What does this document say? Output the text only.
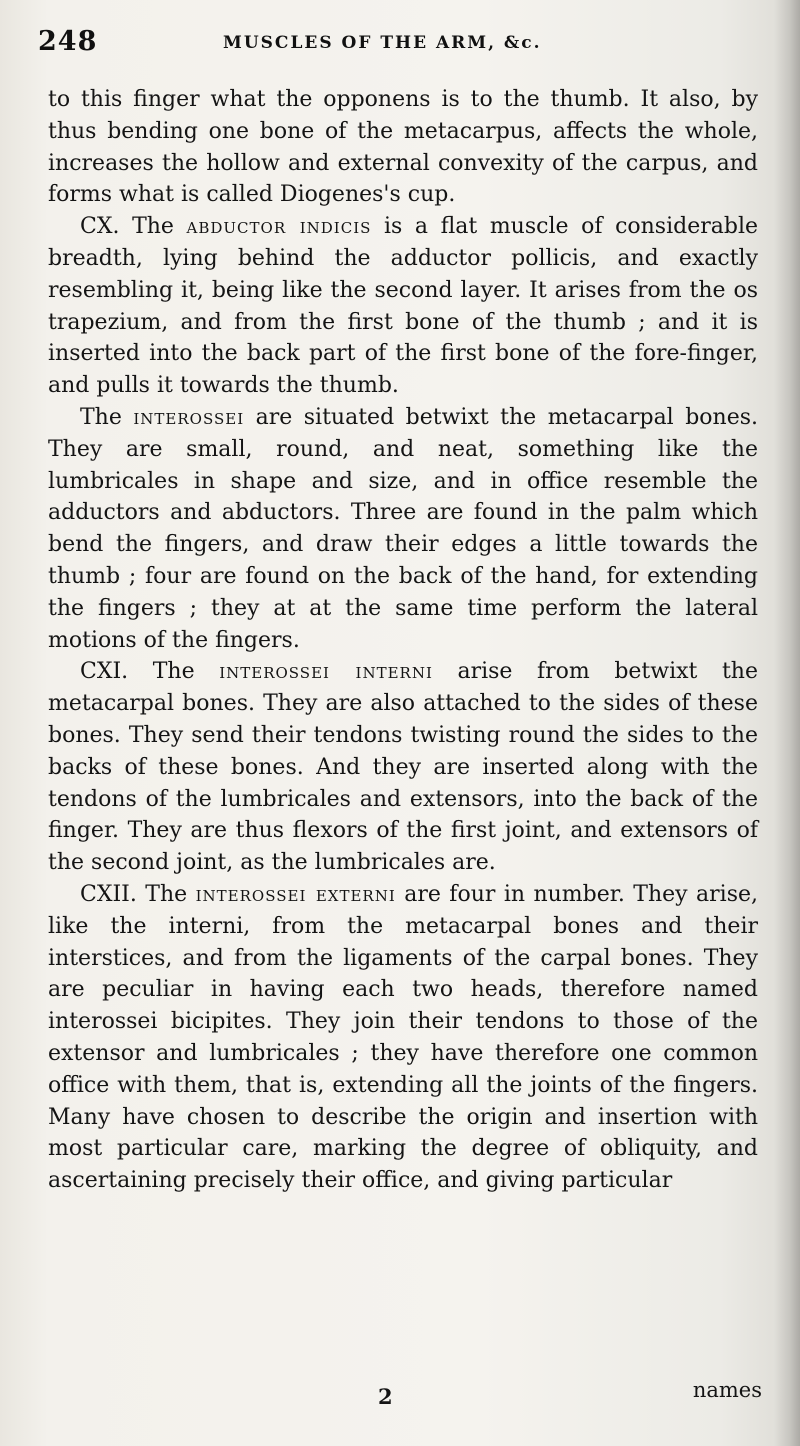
248	MUSCLES OF THE ARM, &c.

to this finger what the opponens is to the thumb. It also, by thus bending one bone of the metacarpus, affects the whole, increases the hollow and external convexity of the carpus, and forms what is called Diogenes's cup.

CX. The abductor indicis is a flat muscle of considerable breadth, lying behind the adductor pollicis, and exactly resembling it, being like the second layer. It arises from the os trapezium, and from the first bone of the thumb ; and it is inserted into the back part of the first bone of the fore-finger, and pulls it towards the thumb.

The interossei are situated betwixt the metacarpal bones. They are small, round, and neat, something like the lumbricales in shape and size, and in office resemble the adductors and abductors. Three are found in the palm which bend the fingers, and draw their edges a little towards the thumb ; four are found on the back of the hand, for extending the fingers ; they at at the same time perform the lateral motions of the fingers.

CXI. The interossei interni arise from betwixt the metacarpal bones. They are also attached to the sides of these bones. They send their tendons twisting round the sides to the backs of these bones. And they are inserted along with the tendons of the lumbricales and extensors, into the back of the finger. They are thus flexors of the first joint, and extensors of the second joint, as the lumbricales are.

CXII. The interossei externi are four in number. They arise, like the interni, from the metacarpal bones and their interstices, and from the ligaments of the carpal bones. They are peculiar in having each two heads, therefore named interossei bicipites. They join their tendons to those of the extensor and lumbricales ; they have therefore one common office with them, that is, extending all the joints of the fingers. Many have chosen to describe the origin and insertion with most particular care, marking the degree of obliquity, and ascertaining precisely their office, and giving particular

2	names
